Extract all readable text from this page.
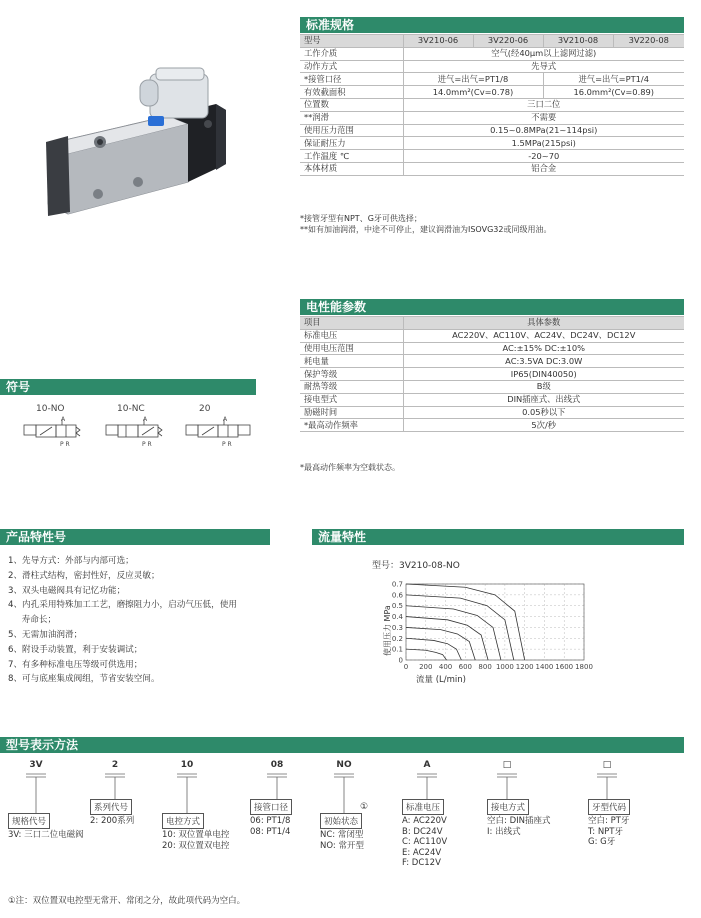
标准规格
型号	3V210-06	3V220-06	3V210-08	3V220-08
工作介质	空气(经40μm以上滤网过滤)			
动作方式	先导式			
*接管口径	进气=出气=PT1/8		进气=出气=PT1/4	
有效截面积	14.0mm²(Cv=0.78)		16.0mm²(Cv=0.89)	
位置数	三口二位			
**润滑	不需要			
使用压力范围	0.15~0.8MPa(21~114psi)			
保证耐压力	1.5MPa(215psi)			
工作温度 ℃	-20~70			
本体材质	铝合金			
*接管牙型有NPT、G牙可供选择；
**如有加油润滑，中途不可停止，建议润滑油为ISOVG32或同级用油。
电性能参数
项目	具体参数
标准电压	AC220V、AC110V、AC24V、DC24V、DC12V
使用电压范围	AC:±15% DC:±10%
耗电量	AC:3.5VA DC:3.0W
保护等级	IP65(DIN40050)
耐热等级	B级
接电型式	DIN插座式、出线式
励磁时间	0.05秒以下
*最高动作频率	5次/秒
*最高动作频率为空载状态。
符号
10-NO	10-NC	20
A
P R
A
P R
A
P R
产品特性号
1、先导方式：外部与内部可选；
2、滑柱式结构，密封性好，反应灵敏；
3、双头电磁阀具有记忆功能；
4、内孔采用特殊加工工艺，磨擦阻力小，启动气压低，使用
寿命长；
5、无需加油润滑；
6、附设手动装置，利于安装调试；
7、有多种标准电压等级可供选用；
8、可与底座集成阀组，节省安装空间。
流量特性
型号：3V210-08-NO
0 200 400 600 800 1000 1200 1400 1600 1800
0
0.1
0.2
0.3
0.4
0.5
0.6
0.7
使用压力 MPa
流量 (L/min)
型号表示方法
3V	2	10	08	NO	A	□	□
规格代号
3V: 三口二位电磁阀
系列代号
2: 200系列	电控方式
10: 双位置单电控
20: 双位置双电控
接管口径
06: PT1/8
08: PT1/4
①
初始状态
NC: 常闭型
NO: 常开型
标准电压
A: AC220V
B: DC24V
C: AC110V
E: AC24V
F: DC12V
接电方式
空白: DIN插座式
I: 出线式
牙型代码
空白: PT牙
T: NPT牙
G: G牙
①注：双位置双电控型无常开、常闭之分，故此项代码为空白。
